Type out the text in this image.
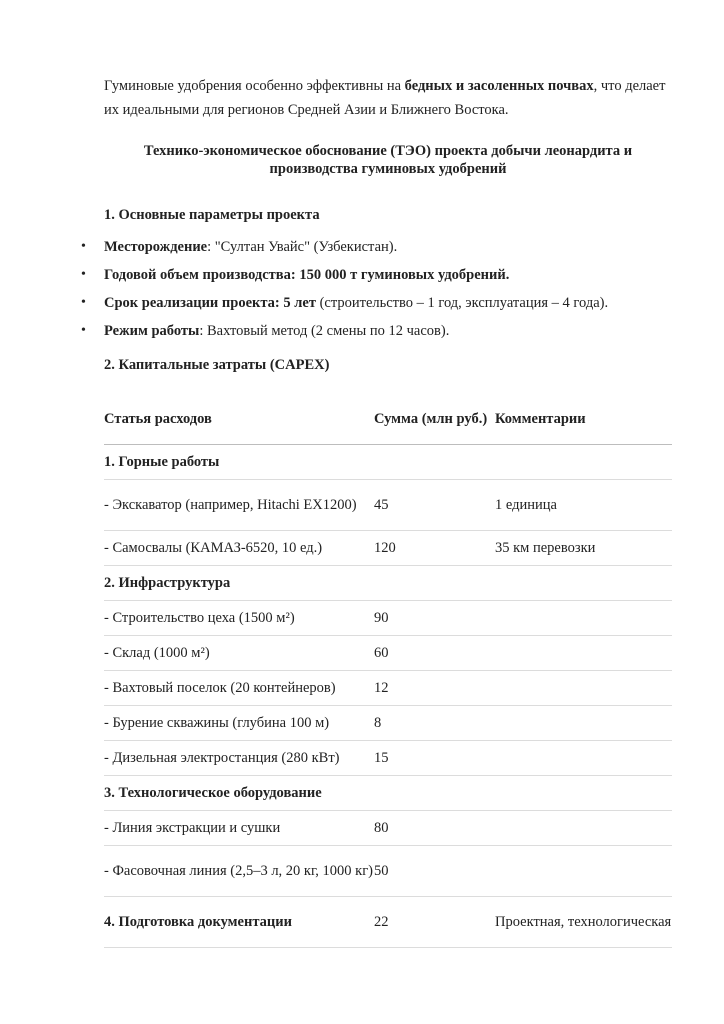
Гуминовые удобрения особенно эффективны на бедных и засоленных почвах, что делает их идеальными для регионов Средней Азии и Ближнего Востока.

Технико-экономическое обоснование (ТЭО) проекта добычи леонардита и производства гуминовых удобрений
1. Основные параметры проекта
• Месторождение: "Султан Увайс" (Узбекистан).
• Годовой объем производства: 150 000 т гуминовых удобрений.
• Срок реализации проекта: 5 лет (строительство – 1 год, эксплуатация – 4 года).
• Режим работы: Вахтовый метод (2 смены по 12 часов).
2. Капитальные затраты (CAPEX)
Статья расходов	Сумма (млн руб.)	Комментарии
1. Горные работы		
- Экскаватор (например, Hitachi EX1200)	45	1 единица
- Самосвалы (КАМАЗ-6520, 10 ед.)	120	35 км перевозки
2. Инфраструктура		
- Строительство цеха (1500 м²)	90	
- Склад (1000 м²)	60	
- Вахтовый поселок (20 контейнеров)	12	
- Бурение скважины (глубина 100 м)	8	
- Дизельная электростанция (280 кВт)	15	
3. Технологическое оборудование		
- Линия экстракции и сушки	80	
- Фасовочная линия (2,5–3 л, 20 кг, 1000 кг)	50	
4. Подготовка документации	22	Проектная, технологическая
